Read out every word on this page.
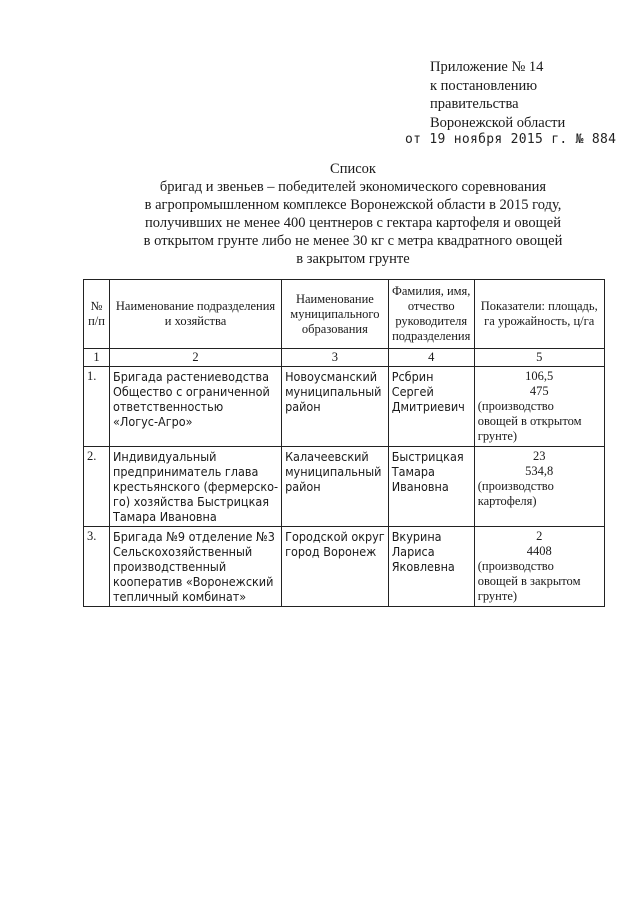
Приложение № 14
к постановлению
правительства
Воронежской области
от 19 ноября 2015 г. № 884
Список
бригад и звеньев – победителей экономического соревнования
в агропромышленном комплексе Воронежской области в 2015 году,
получивших не менее 400 центнеров с гектара картофеля и овощей
в открытом грунте либо не менее 30 кг с метра квадратного овощей
в закрытом грунте
№ п/п	Наименование подразделения и хозяйства	Наименование муниципального образования	Фамилия, имя, отчество руководителя подразделения	Показатели: площадь, га урожайность, ц/га
1	2	3	4	5
1.	Бригада растениеводства
Общество с ограниченной
ответственностью
«Логус-Агро»	Новоусманский
муниципальный
район	Рсбрин
Сергей
Дмитриевич	106,5
475
(производство
овощей в открытом
грунте)

2.	Индивидуальный
предприниматель глава
крестьянского (фермерско-
го) хозяйства Быстрицкая
Тамара Ивановна	Калачеевский
муниципальный
район	Быстрицкая
Тамара
Ивановна	23
534,8
(производство
картофеля)

3.	Бригада №9 отделение №3
Сельскохозяйственный
производственный
кооператив «Воронежский
тепличный комбинат»	Городской округ
город Воронеж	Вкурина
Лариса
Яковлевна	2
4408
(производство
овощей в закрытом
грунте)
